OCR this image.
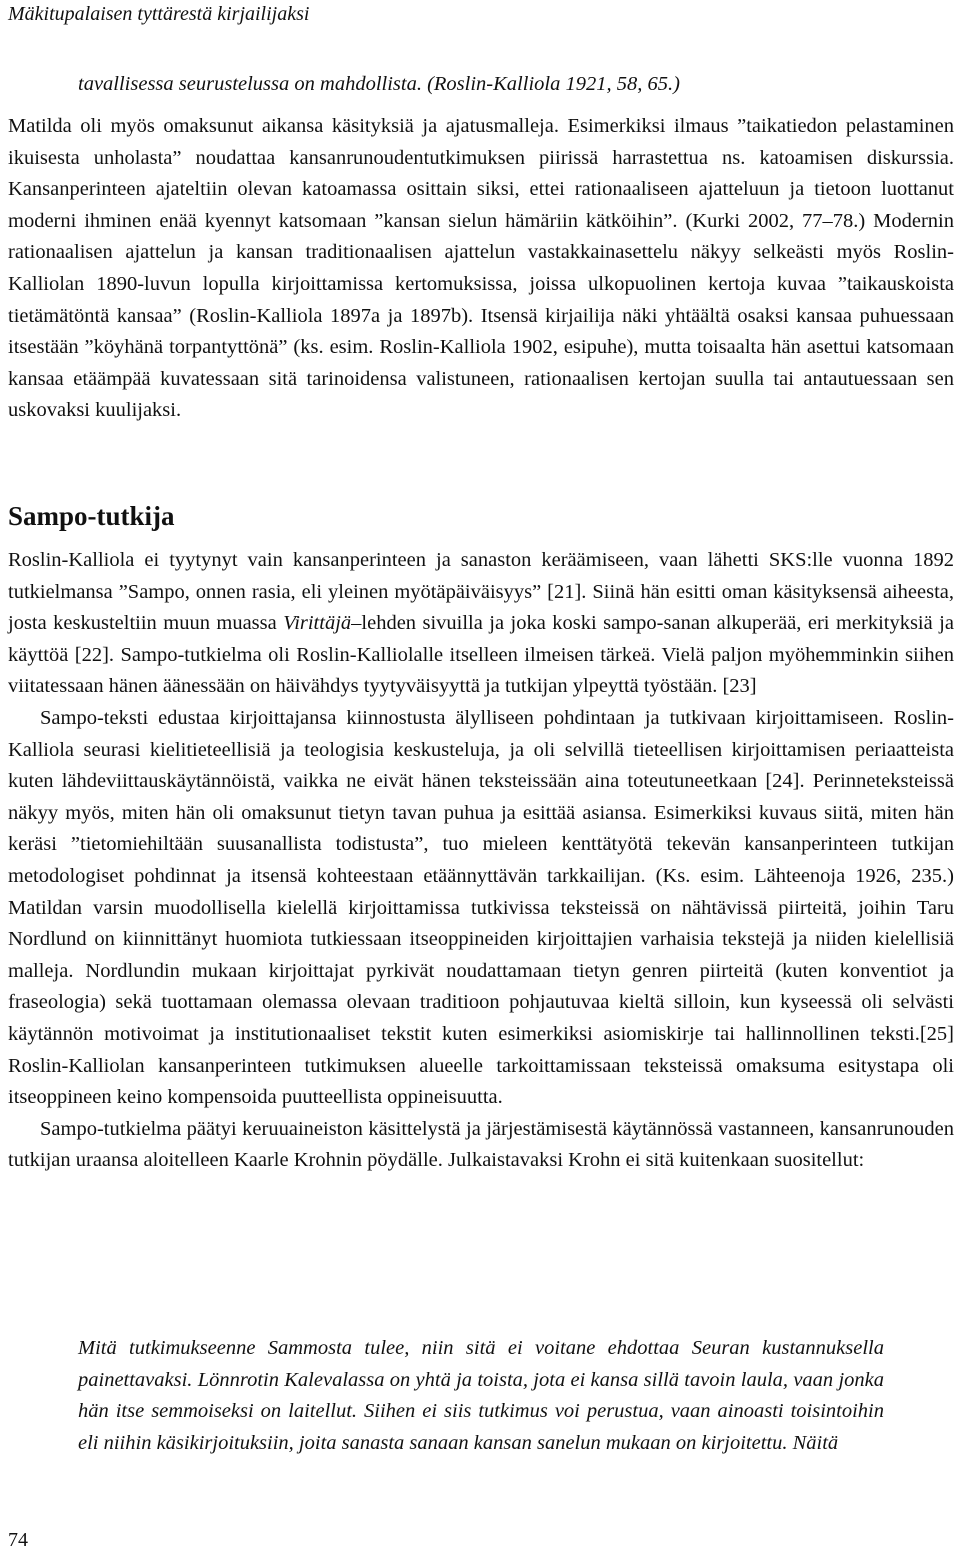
Mäkitupalaisen tyttärestä kirjailijaksi
tavallisessa seurustelussa on mahdollista. (Roslin-Kalliola 1921, 58, 65.)

Matilda oli myös omaksunut aikansa käsityksiä ja ajatusmalleja. Esimerkiksi ilmaus ”taikatiedon pelastaminen ikuisesta unholasta” noudattaa kansanrunoudentutkimuksen piirissä harrastettua ns. katoamisen diskurssia. Kansanperinteen ajateltiin olevan katoamassa osittain siksi, ettei rationaaliseen ajatteluun ja tietoon luottanut moderni ihminen enää kyennyt katsomaan ”kansan sielun hämäriin kätköihin”. (Kurki 2002, 77–78.) Modernin rationaalisen ajattelun ja kansan traditionaalisen ajattelun vastakkainasettelu näkyy selkeästi myös Roslin-Kalliolan 1890-luvun lopulla kirjoittamissa kertomuksissa, joissa ulkopuolinen kertoja kuvaa ”taikauskoista tietämätöntä kansaa” (Roslin-Kalliola 1897a ja 1897b). Itsensä kirjailija näki yhtäältä osaksi kansaa puhuessaan itsestään ”köyhänä torpantyttönä” (ks. esim. Roslin-Kalliola 1902, esipuhe), mutta toisaalta hän asettui katsomaan kansaa etäämpää kuvatessaan sitä tarinoidensa valistuneen, rationaalisen kertojan suulla tai antautuessaan sen uskovaksi kuulijaksi.

Sampo-tutkija

Roslin-Kalliola ei tyytynyt vain kansanperinteen ja sanaston keräämiseen, vaan lähetti SKS:lle vuonna 1892 tutkielmansa ”Sampo, onnen rasia, eli yleinen myötäpäiväisyys” [21]. Siinä hän esitti oman käsityksensä aiheesta, josta keskusteltiin muun muassa Virittäjä–lehden sivuilla ja joka koski sampo-sanan alkuperää, eri merkityksiä ja käyttöä [22]. Sampo-tutkielma oli Roslin-Kalliolalle itselleen ilmeisen tärkeä. Vielä paljon myöhemminkin siihen viitatessaan hänen äänessään on häivähdys tyytyväisyyttä ja tutkijan ylpeyttä työstään. [23]

Sampo-teksti edustaa kirjoittajansa kiinnostusta älylliseen pohdintaan ja tutkivaan kirjoittamiseen. Roslin-Kalliola seurasi kielitieteellisiä ja teologisia keskusteluja, ja oli selvillä tieteellisen kirjoittamisen periaatteista kuten lähdeviittauskäytännöistä, vaikka ne eivät hänen teksteissään aina toteutuneetkaan [24]. Perinneteksteissä näkyy myös, miten hän oli omaksunut tietyn tavan puhua ja esittää asiansa. Esimerkiksi kuvaus siitä, miten hän keräsi ”tietomiehiltään suusanallista todistusta”, tuo mieleen kenttätyötä tekevän kansanperinteen tutkijan metodologiset pohdinnat ja itsensä kohteestaan etäännyttävän tarkkailijan. (Ks. esim. Lähteenoja 1926, 235.) Matildan varsin muodollisella kielellä kirjoittamissa tutkivissa teksteissä on nähtävissä piirteitä, joihin Taru Nordlund on kiinnittänyt huomiota tutkiessaan itseoppineiden kirjoittajien varhaisia tekstejä ja niiden kielellisiä malleja. Nordlundin mukaan kirjoittajat pyrkivät noudattamaan tietyn genren piirteitä (kuten konventiot ja fraseologia) sekä tuottamaan olemassa olevaan traditioon pohjautuvaa kieltä silloin, kun kyseessä oli selvästi käytännön motivoimat ja institutionaaliset tekstit kuten esimerkiksi asiomiskirje tai hallinnollinen teksti.[25] Roslin-Kalliolan kansanperinteen tutkimuksen alueelle tarkoittamissaan teksteissä omaksuma esitystapa oli itseoppineen keino kompensoida puutteellista oppineisuutta.

Sampo-tutkielma päätyi keruuaineiston käsittelystä ja järjestämisestä käytännössä vastanneen, kansanrunouden tutkijan uraansa aloitelleen Kaarle Krohnin pöydälle. Julkaistavaksi Krohn ei sitä kuitenkaan suositellut:

Mitä tutkimukseenne Sammosta tulee, niin sitä ei voitane ehdottaa Seuran kustannuksella painettavaksi. Lönnrotin Kalevalassa on yhtä ja toista, jota ei kansa sillä tavoin laula, vaan jonka hän itse semmoiseksi on laitellut. Siihen ei siis tutkimus voi perustua, vaan ainoasti toisintoihin eli niihin käsikirjoituksiin, joita sanasta sanaan kansan sanelun mukaan on kirjoitettu. Näitä
74
